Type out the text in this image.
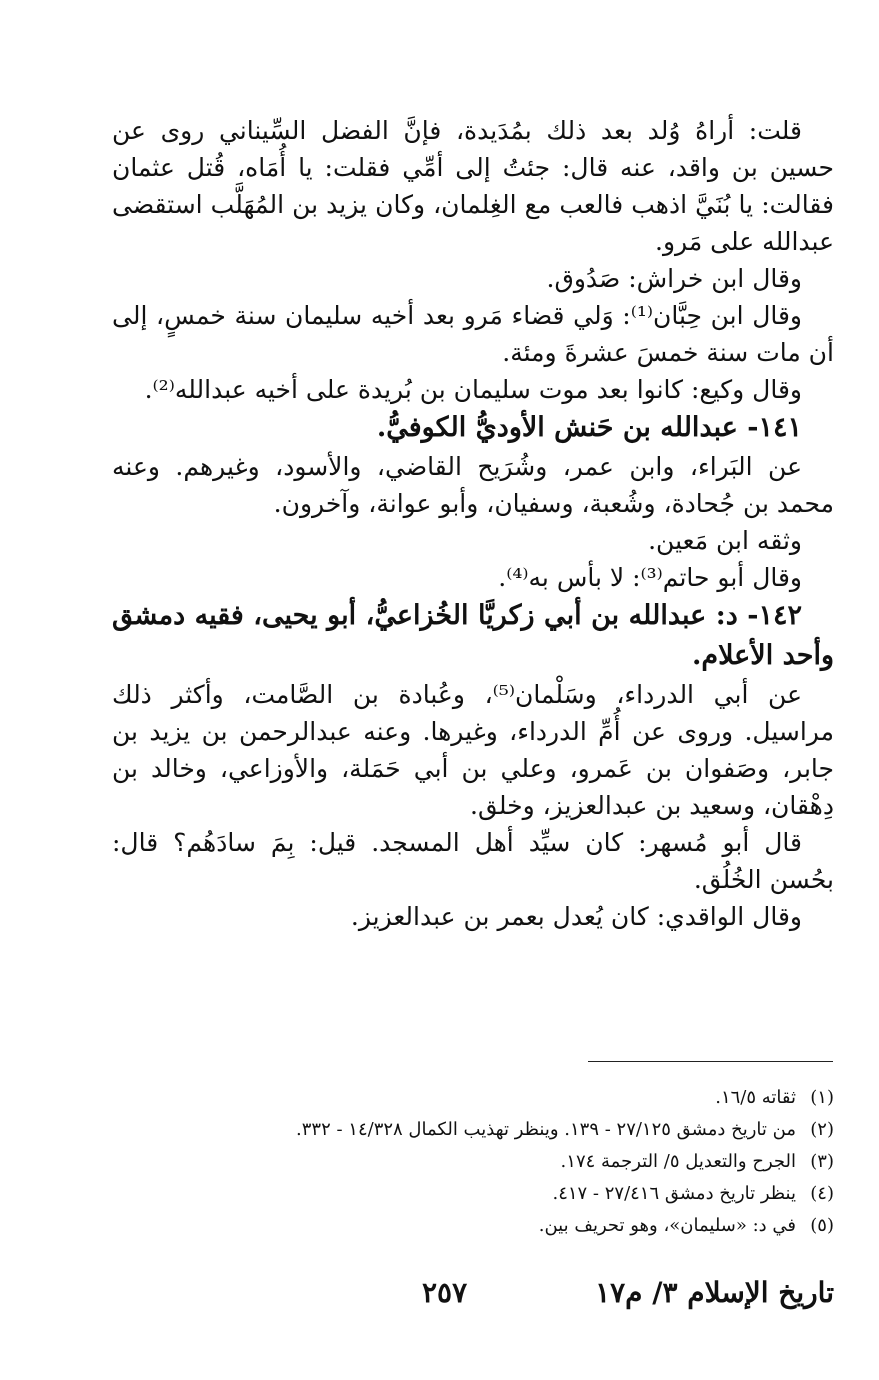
قلت: أراهُ وُلد بعد ذلك بمُدَيدة، فإنَّ الفضل السِّيناني روى عن حسين بن واقد، عنه قال: جئتُ إلى أمِّي فقلت: يا أُمَاه، قُتل عثمان فقالت: يا بُنَيَّ اذهب فالعب مع الغِلمان، وكان يزيد بن المُهَلَّب استقضى عبدالله على مَرو.

وقال ابن خراش: صَدُوق.

وقال ابن حِبَّان⁽¹⁾: وَلي قضاء مَرو بعد أخيه سليمان سنة خمسٍ، إلى أن مات سنة خمسَ عشرةَ ومئة.

وقال وكيع: كانوا بعد موت سليمان بن بُريدة على أخيه عبدالله⁽²⁾.

١٤١- عبدالله بن حَنش الأوديُّ الكوفيُّ.

عن البَراء، وابن عمر، وشُرَيح القاضي، والأسود، وغيرهم. وعنه محمد بن جُحادة، وشُعبة، وسفيان، وأبو عوانة، وآخرون.

وثقه ابن مَعين.

وقال أبو حاتم⁽³⁾: لا بأس به⁽⁴⁾.

١٤٢- د: عبدالله بن أبي زكريَّا الخُزاعيُّ، أبو يحيى، فقيه دمشق وأحد الأعلام.

عن أبي الدرداء، وسَلْمان⁽⁵⁾، وعُبادة بن الصَّامت، وأكثر ذلك مراسيل. وروى عن أُمِّ الدرداء، وغيرها. وعنه عبدالرحمن بن يزيد بن جابر، وصَفوان بن عَمرو، وعلي بن أبي حَمَلة، والأوزاعي، وخالد بن دِهْقان، وسعيد بن عبدالعزيز، وخلق.

قال أبو مُسهر: كان سيِّد أهل المسجد. قيل: بِمَ سادَهُم؟ قال: بحُسن الخُلُق.

وقال الواقدي: كان يُعدل بعمر بن عبدالعزيز.

(١)ثقاته ١٦/٥.

(٢)من تاريخ دمشق ٢٧/١٢٥ - ١٣٩. وينظر تهذيب الكمال ١٤/٣٢٨ - ٣٣٢.

(٣)الجرح والتعديل ٥/ الترجمة ١٧٤.

(٤)ينظر تاريخ دمشق ٢٧/٤١٦ - ٤١٧.

(٥)في د: «سليمان»، وهو تحريف بين.

تاريخ الإسلام ٣/ م١٧
٢٥٧
